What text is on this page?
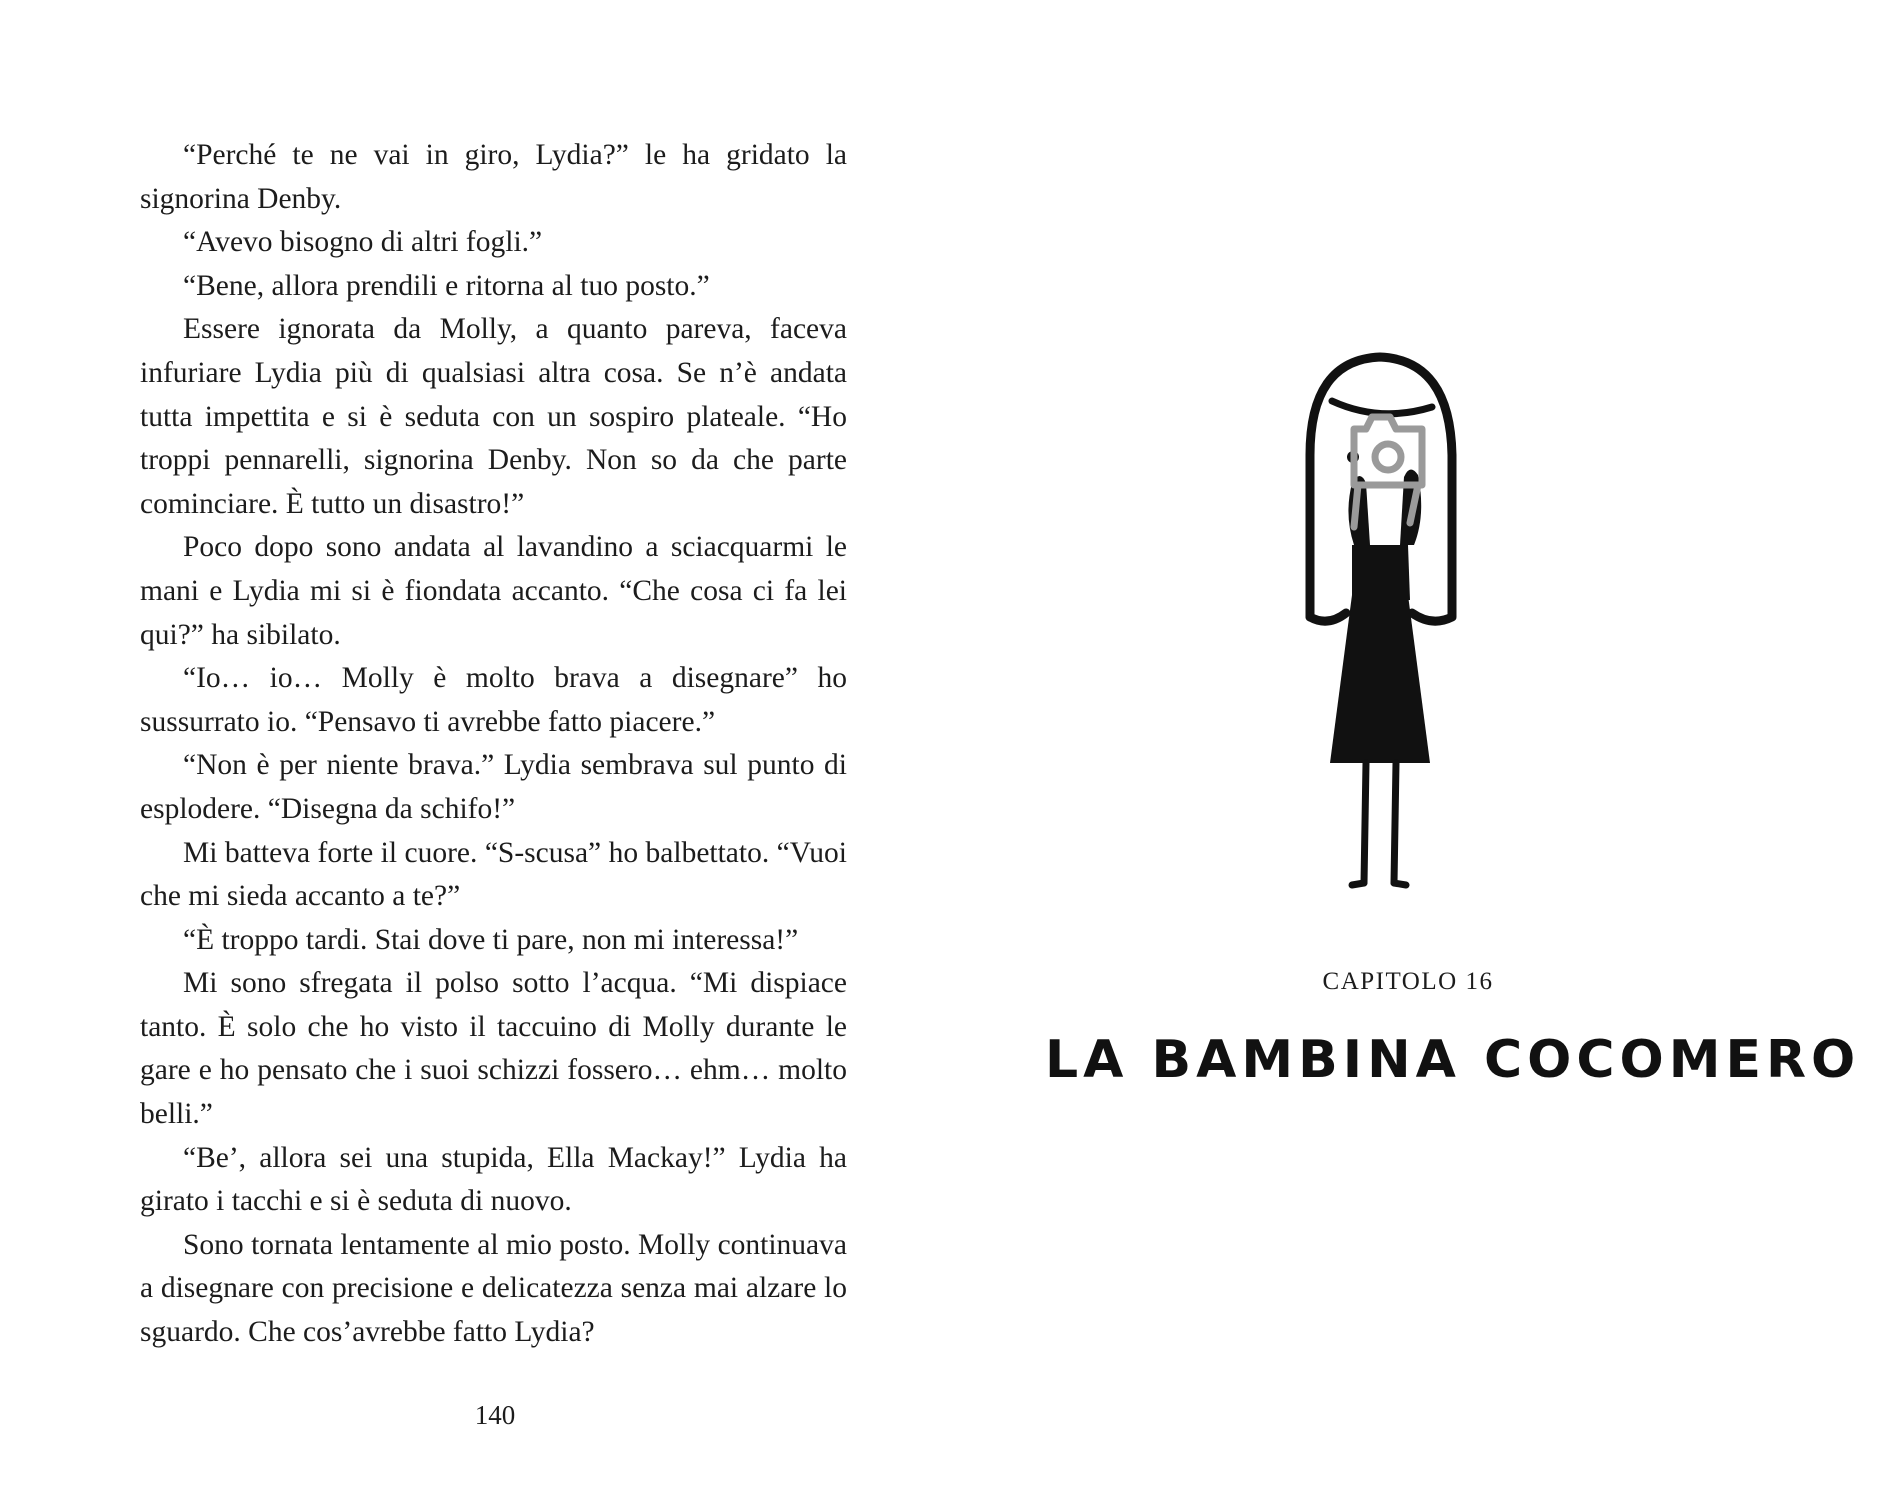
“Perché te ne vai in giro, Lydia?” le ha gridato la signorina Denby.

“Avevo bisogno di altri fogli.”

“Bene, allora prendili e ritorna al tuo posto.”

Essere ignorata da Molly, a quanto pareva, faceva infuriare Lydia più di qualsiasi altra cosa. Se n’è andata tutta impettita e si è seduta con un sospiro plateale. “Ho troppi pennarelli, signorina Denby. Non so da che parte cominciare. È tutto un disastro!”

Poco dopo sono andata al lavandino a sciacquarmi le mani e Lydia mi si è fiondata accanto. “Che cosa ci fa lei qui?” ha sibilato.

“Io… io… Molly è molto brava a disegnare” ho sussurrato io. “Pensavo ti avrebbe fatto piacere.”

“Non è per niente brava.” Lydia sembrava sul punto di esplodere. “Disegna da schifo!”

Mi batteva forte il cuore. “S-scusa” ho balbettato. “Vuoi che mi sieda accanto a te?”

“È troppo tardi. Stai dove ti pare, non mi interessa!”

Mi sono sfregata il polso sotto l’acqua. “Mi dispiace tanto. È solo che ho visto il taccuino di Molly durante le gare e ho pensato che i suoi schizzi fossero… ehm… molto belli.”

“Be’, allora sei una stupida, Ella Mackay!” Lydia ha girato i tacchi e si è seduta di nuovo.

Sono tornata lentamente al mio posto. Molly continuava a disegnare con precisione e delicatezza senza mai alzare lo sguardo. Che cos’avrebbe fatto Lydia?

140
CAPITOLO 16
LA BAMBINA COCOMERO
